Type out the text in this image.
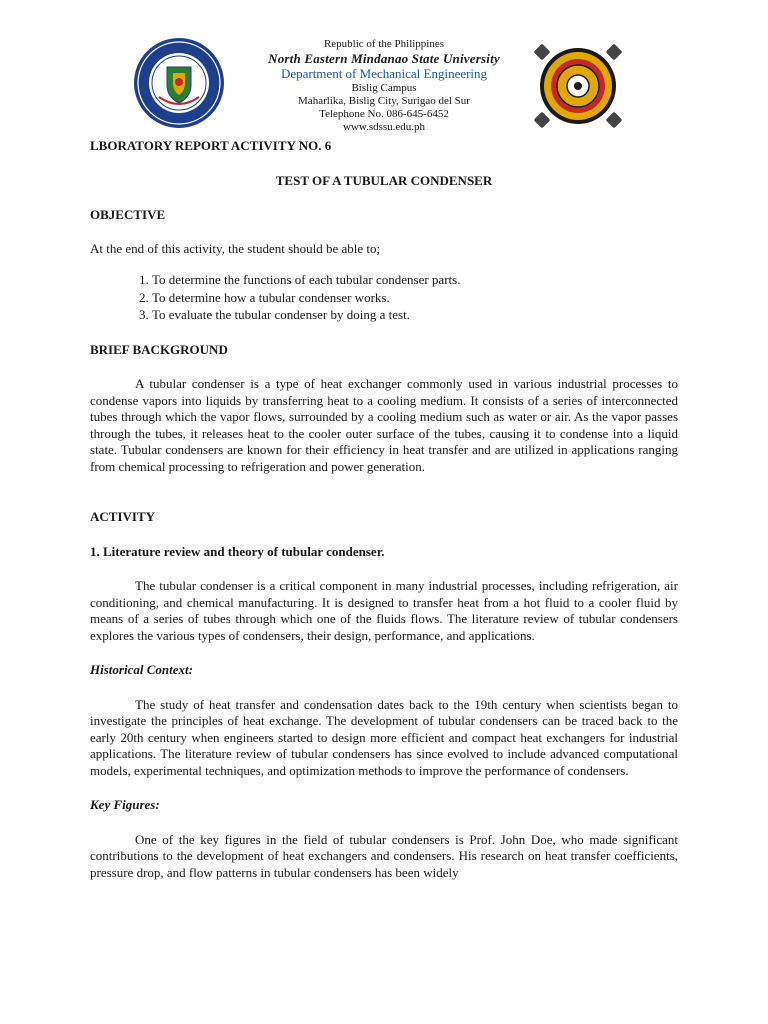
Republic of the Philippines
North Eastern Mindanao State University
Department of Mechanical Engineering
Bislig Campus
Maharlika, Bislig City, Surigao del Sur
Telephone No. 086-645-6452
www.sdssu.edu.ph
LBORATORY REPORT ACTIVITY NO. 6
TEST OF A TUBULAR CONDENSER
OBJECTIVE
At the end of this activity, the student should be able to;
1. To determine the functions of each tubular condenser parts.
2. To determine how a tubular condenser works.
3. To evaluate the tubular condenser by doing a test.
BRIEF BACKGROUND
A tubular condenser is a type of heat exchanger commonly used in various industrial processes to condense vapors into liquids by transferring heat to a cooling medium. It consists of a series of interconnected tubes through which the vapor flows, surrounded by a cooling medium such as water or air. As the vapor passes through the tubes, it releases heat to the cooler outer surface of the tubes, causing it to condense into a liquid state. Tubular condensers are known for their efficiency in heat transfer and are utilized in applications ranging from chemical processing to refrigeration and power generation.
ACTIVITY
1. Literature review and theory of tubular condenser.
The tubular condenser is a critical component in many industrial processes, including refrigeration, air conditioning, and chemical manufacturing. It is designed to transfer heat from a hot fluid to a cooler fluid by means of a series of tubes through which one of the fluids flows. The literature review of tubular condensers explores the various types of condensers, their design, performance, and applications.
Historical Context:
The study of heat transfer and condensation dates back to the 19th century when scientists began to investigate the principles of heat exchange. The development of tubular condensers can be traced back to the early 20th century when engineers started to design more efficient and compact heat exchangers for industrial applications. The literature review of tubular condensers has since evolved to include advanced computational models, experimental techniques, and optimization methods to improve the performance of condensers.
Key Figures:
One of the key figures in the field of tubular condensers is Prof. John Doe, who made significant contributions to the development of heat exchangers and condensers. His research on heat transfer coefficients, pressure drop, and flow patterns in tubular condensers has been widely
